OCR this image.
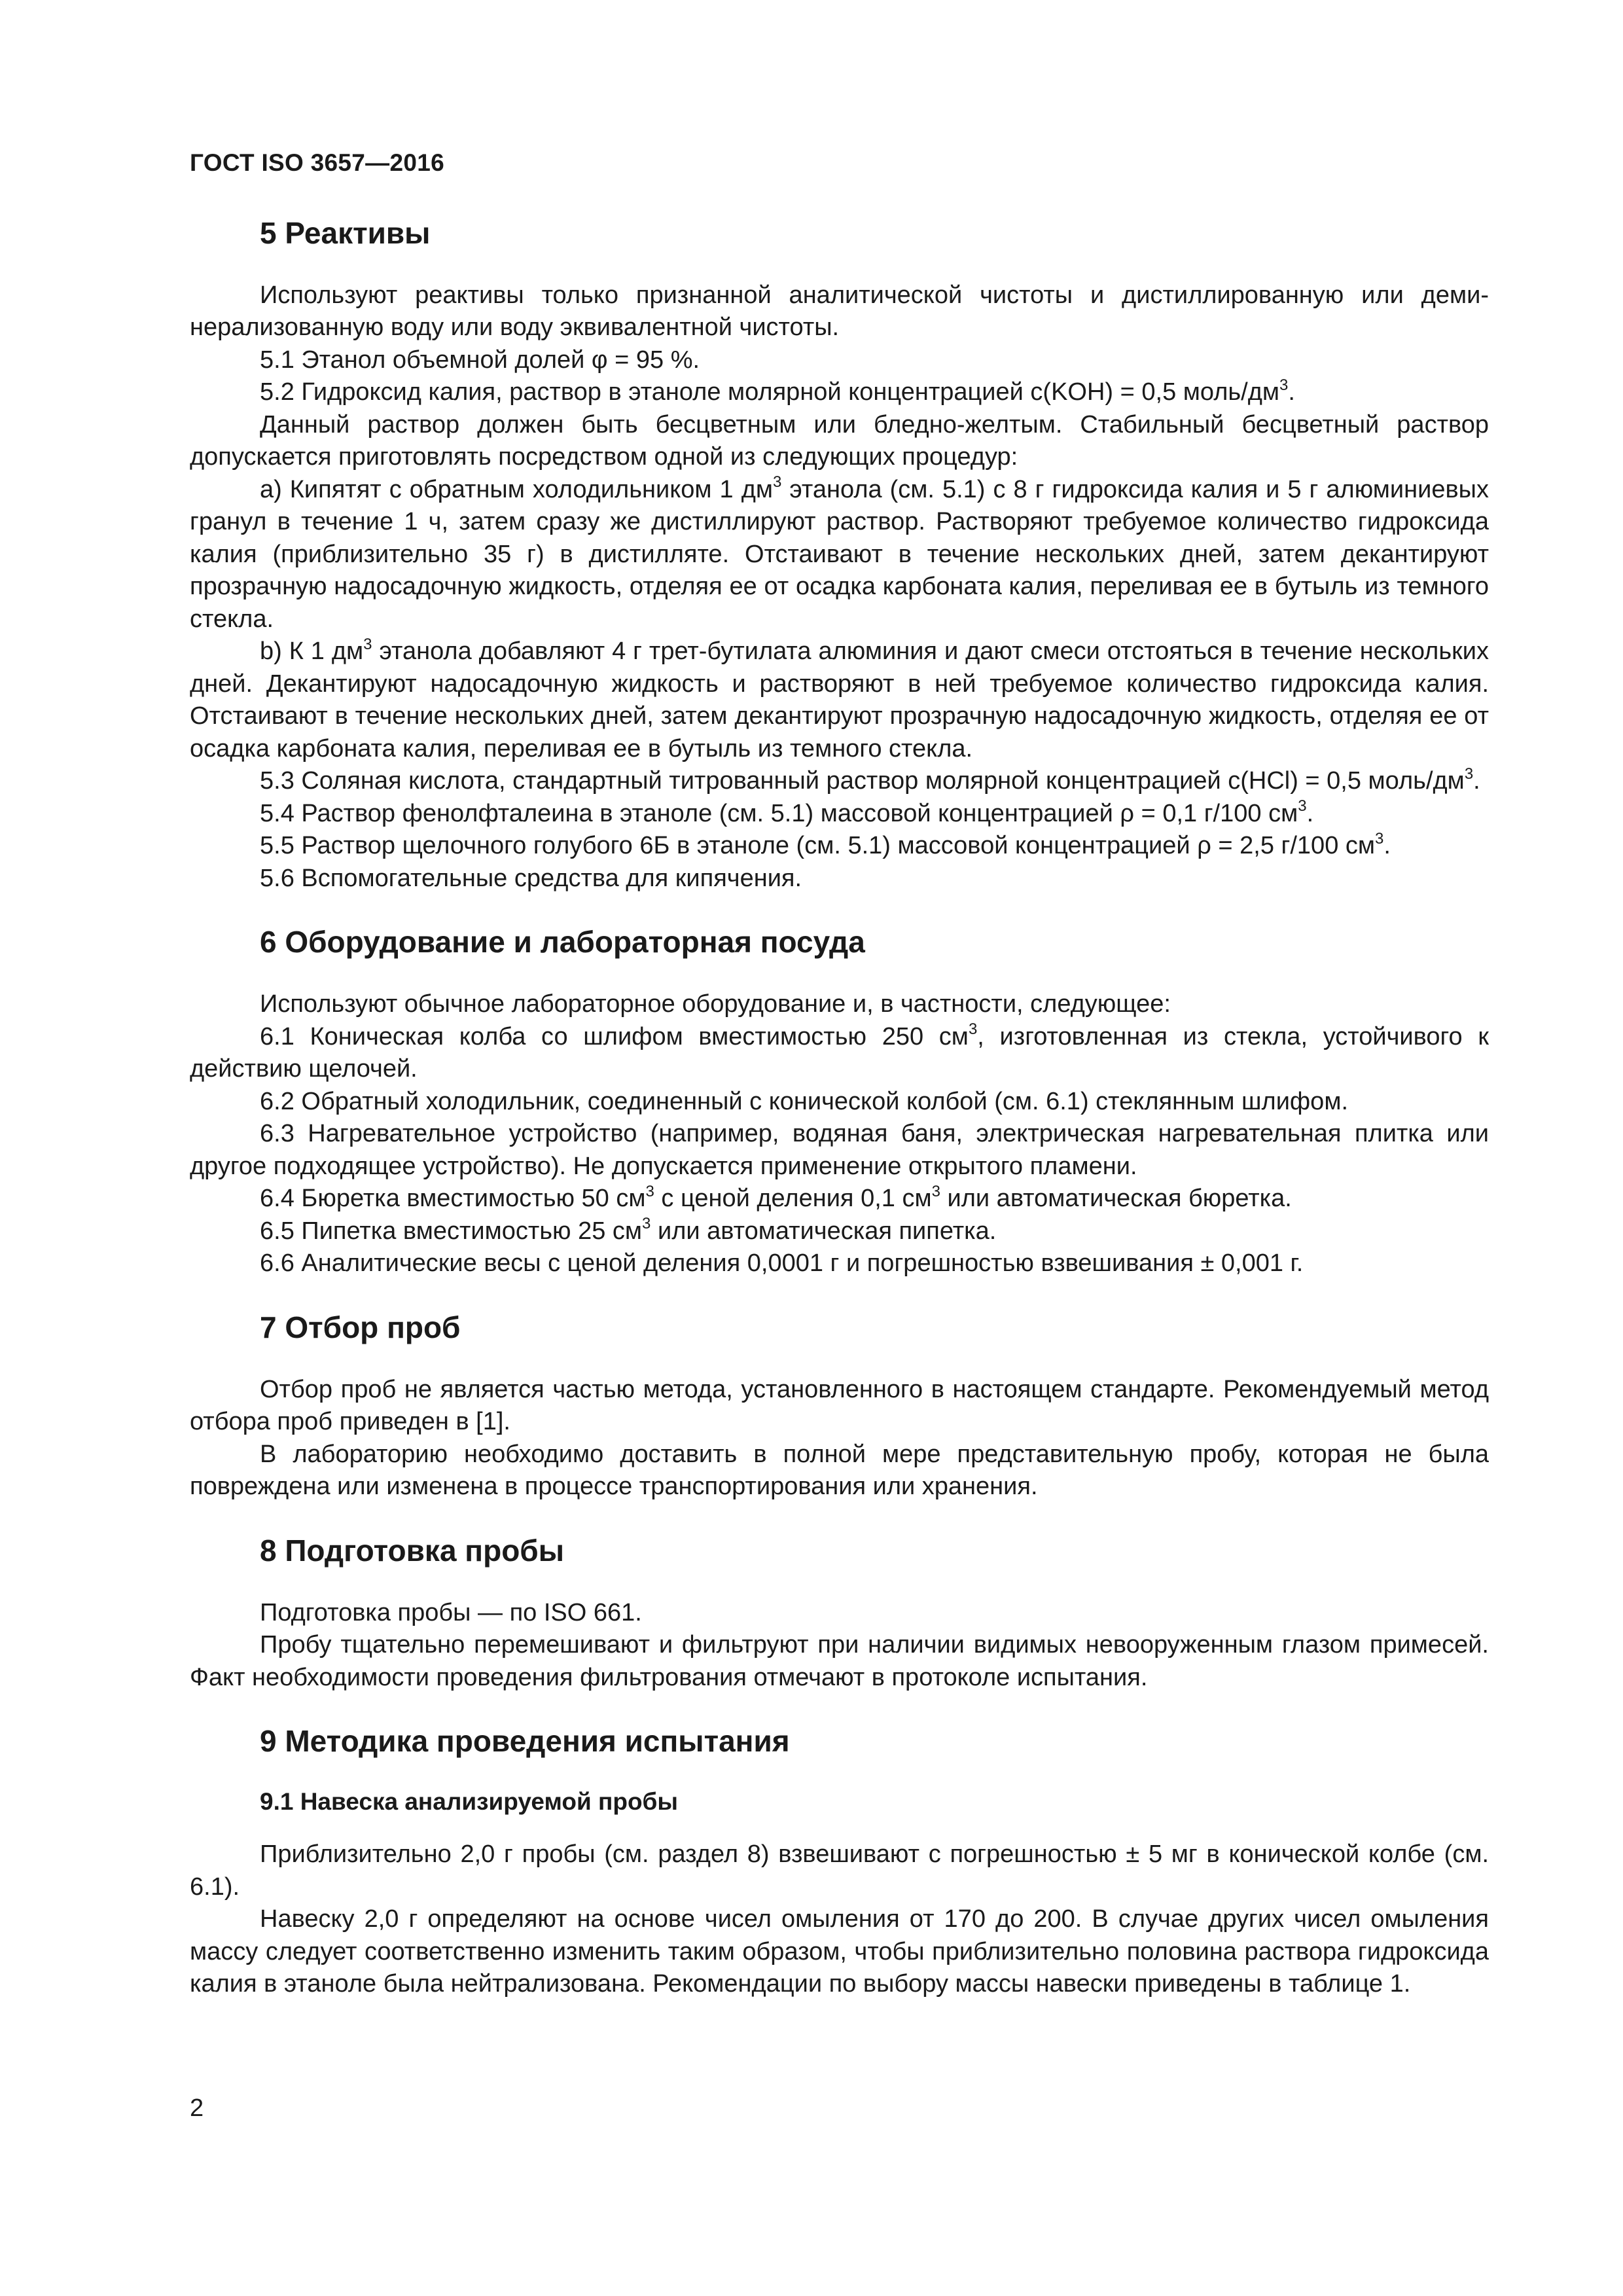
ГОСТ ISO 3657—2016
5 Реактивы

Используют реактивы только признанной аналитической чистоты и дистиллированную или деминерализованную воду или воду эквивалентной чистоты.

5.1 Этанол объемной долей φ = 95 %.

5.2 Гидроксид калия, раствор в этаноле молярной концентрацией c(KOH) = 0,5 моль/$дм^3$.

Данный раствор должен быть бесцветным или бледно-желтым. Стабильный бесцветный раствор допускается приготовлять посредством одной из следующих процедур:

a) Кипятят с обратным холодильником 1 $дм^3$ этанола (см. 5.1) с 8 г гидроксида калия и 5 г алюминиевых гранул в течение 1 ч, затем сразу же дистиллируют раствор. Растворяют требуемое количество гидроксида калия (приблизительно 35 г) в дистилляте. Отстаивают в течение нескольких дней, затем декантируют прозрачную надосадочную жидкость, отделяя ее от осадка карбоната калия, переливая ее в бутыль из темного стекла.

b) К 1 $дм^3$ этанола добавляют 4 г трет-бутилата алюминия и дают смеси отстояться в течение нескольких дней. Декантируют надосадочную жидкость и растворяют в ней требуемое количество гидроксида калия. Отстаивают в течение нескольких дней, затем декантируют прозрачную надосадочную жидкость, отделяя ее от осадка карбоната калия, переливая ее в бутыль из темного стекла.

5.3 Соляная кислота, стандартный титрованный раствор молярной концентрацией c(HCl) = 0,5 моль/$дм^3$.

5.4 Раствор фенолфталеина в этаноле (см. 5.1) массовой концентрацией ρ = 0,1 г/100 $см^3$.

5.5 Раствор щелочного голубого 6Б в этаноле (см. 5.1) массовой концентрацией ρ = 2,5 г/100 $см^3$.

5.6 Вспомогательные средства для кипячения.

6 Оборудование и лабораторная посуда

Используют обычное лабораторное оборудование и, в частности, следующее:

6.1 Коническая колба со шлифом вместимостью 250 $см^3$, изготовленная из стекла, устойчивого к действию щелочей.

6.2 Обратный холодильник, соединенный с конической колбой (см. 6.1) стеклянным шлифом.

6.3 Нагревательное устройство (например, водяная баня, электрическая нагревательная плитка или другое подходящее устройство). Не допускается применение открытого пламени.

6.4 Бюретка вместимостью 50 $см^3$ с ценой деления 0,1 $см^3$ или автоматическая бюретка.

6.5 Пипетка вместимостью 25 $см^3$ или автоматическая пипетка.

6.6 Аналитические весы с ценой деления 0,0001 г и погрешностью взвешивания ± 0,001 г.

7 Отбор проб

Отбор проб не является частью метода, установленного в настоящем стандарте. Рекомендуемый метод отбора проб приведен в [1].

В лабораторию необходимо доставить в полной мере представительную пробу, которая не была повреждена или изменена в процессе транспортирования или хранения.

8 Подготовка пробы

Подготовка пробы — по ISO 661.

Пробу тщательно перемешивают и фильтруют при наличии видимых невооруженным глазом примесей. Факт необходимости проведения фильтрования отмечают в протоколе испытания.

9 Методика проведения испытания
9.1 Навеска анализируемой пробы

Приблизительно 2,0 г пробы (см. раздел 8) взвешивают с погрешностью ± 5 мг в конической колбе (см. 6.1).

Навеску 2,0 г определяют на основе чисел омыления от 170 до 200. В случае других чисел омыления массу следует соответственно изменить таким образом, чтобы приблизительно половина раствора гидроксида калия в этаноле была нейтрализована. Рекомендации по выбору массы навески приведены в таблице 1.

2
